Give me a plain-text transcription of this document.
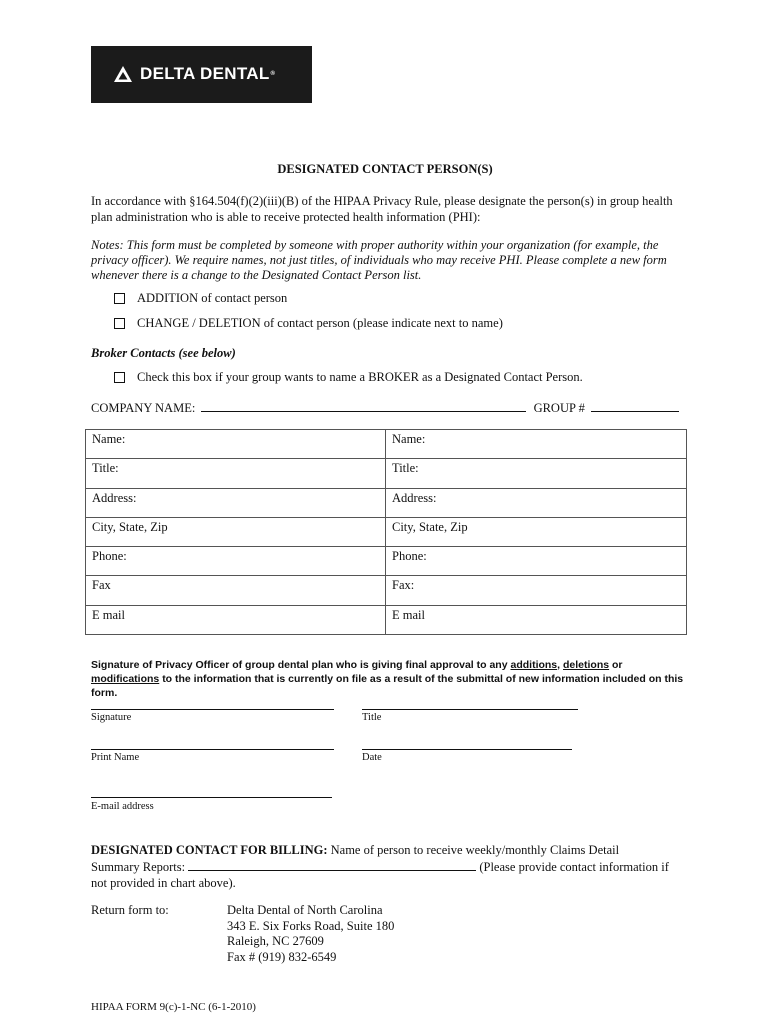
DELTA DENTAL ®
DESIGNATED CONTACT PERSON(S)
In accordance with §164.504(f)(2)(iii)(B) of the HIPAA Privacy Rule, please designate the person(s) in group health plan administration who is able to receive protected health information (PHI):
Notes: This form must be completed by someone with proper authority within your organization (for example, the privacy officer). We require names, not just titles, of individuals who may receive PHI. Please complete a new form whenever there is a change to the Designated Contact Person list.
ADDITION of contact person
CHANGE / DELETION of contact person (please indicate next to name)
Broker Contacts (see below)
Check this box if your group wants to name a BROKER as a Designated Contact Person.
COMPANY NAME:	GROUP #
Name:	Name:
Title:	Title:
Address:	Address:
City, State, Zip	City, State, Zip
Phone:	Phone:
Fax	Fax:
E mail	E mail
Signature of Privacy Officer of group dental plan who is giving final approval to any additions, deletions or modifications to the information that is currently on file as a result of the submittal of new information included on this form.
Signature	Title
Print Name	Date
E-mail address
DESIGNATED CONTACT FOR BILLING: Name of person to receive weekly/monthly Claims Detail
Summary Reports:	(Please provide contact information if
not provided in chart above).
Return form to:	Delta Dental of North Carolina
343 E. Six Forks Road, Suite 180
Raleigh, NC 27609
Fax # (919) 832-6549
HIPAA FORM 9(c)-1-NC (6-1-2010)
